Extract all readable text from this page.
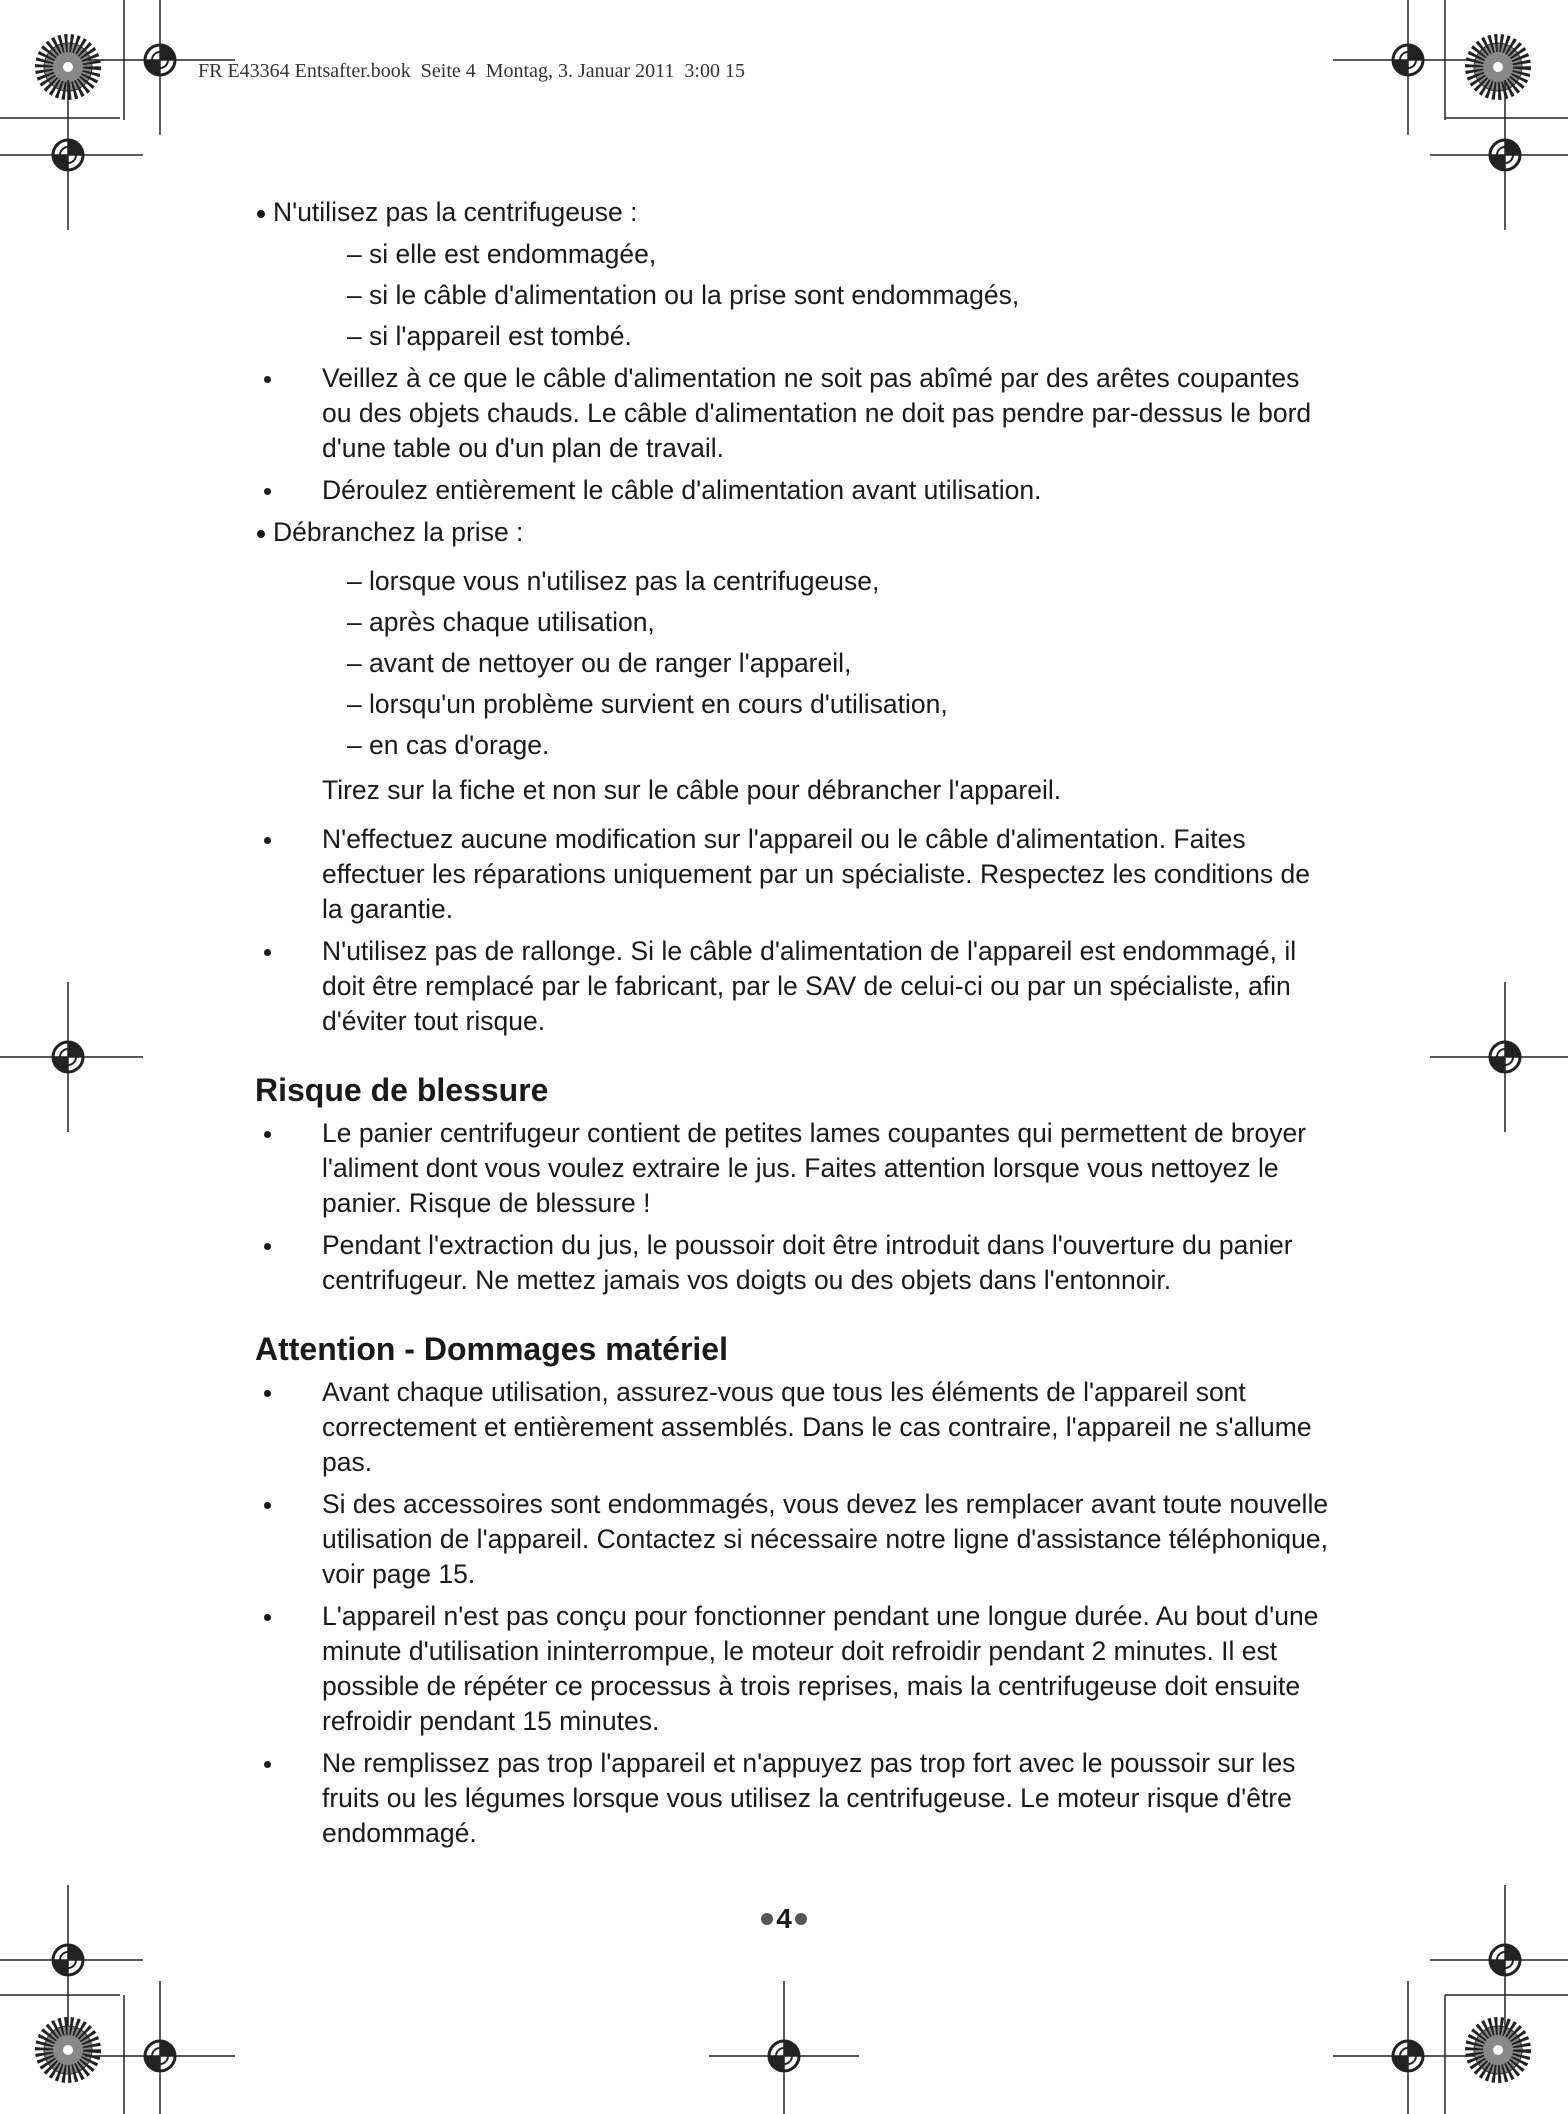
FR E43364 Entsafter.book  Seite 4  Montag, 3. Januar 2011  3:00 15
N'utilisez pas la centrifugeuse :
– si elle est endommagée,
– si le câble d'alimentation ou la prise sont endommagés,
– si l'appareil est tombé.
Veillez à ce que le câble d'alimentation ne soit pas abîmé par des arêtes coupantes ou des objets chauds. Le câble d'alimentation ne doit pas pendre par-dessus le bord d'une table ou d'un plan de travail.
Déroulez entièrement le câble d'alimentation avant utilisation.
Débranchez la prise :
– lorsque vous n'utilisez pas la centrifugeuse,
– après chaque utilisation,
– avant de nettoyer ou de ranger l'appareil,
– lorsqu'un problème survient en cours d'utilisation,
– en cas d'orage.
Tirez sur la fiche et non sur le câble pour débrancher l'appareil.
N'effectuez aucune modification sur l'appareil ou le câble d'alimentation. Faites effectuer les réparations uniquement par un spécialiste. Respectez les conditions de la garantie.
N'utilisez pas de rallonge. Si le câble d'alimentation de l'appareil est endommagé, il doit être remplacé par le fabricant, par le SAV de celui-ci ou par un spécialiste, afin d'éviter tout risque.
Risque de blessure
Le panier centrifugeur contient de petites lames coupantes qui permettent de broyer l'aliment dont vous voulez extraire le jus. Faites attention lorsque vous nettoyez le panier. Risque de blessure !
Pendant l'extraction du jus, le poussoir doit être introduit dans l'ouverture du panier centrifugeur. Ne mettez jamais vos doigts ou des objets dans l'entonnoir.
Attention - Dommages matériel
Avant chaque utilisation, assurez-vous que tous les éléments de l'appareil sont correctement et entièrement assemblés. Dans le cas contraire, l'appareil ne s'allume pas.
Si des accessoires sont endommagés, vous devez les remplacer avant toute nouvelle utilisation de l'appareil. Contactez si nécessaire notre ligne d'assistance téléphonique, voir page 15.
L'appareil n'est pas conçu pour fonctionner pendant une longue durée. Au bout d'une minute d'utilisation ininterrompue, le moteur doit refroidir pendant 2 minutes. Il est possible de répéter ce processus à trois reprises, mais la centrifugeuse doit ensuite refroidir pendant 15 minutes.
Ne remplissez pas trop l'appareil et n'appuyez pas trop fort avec le poussoir sur les fruits ou les légumes lorsque vous utilisez la centrifugeuse. Le moteur risque d'être endommagé.
4
